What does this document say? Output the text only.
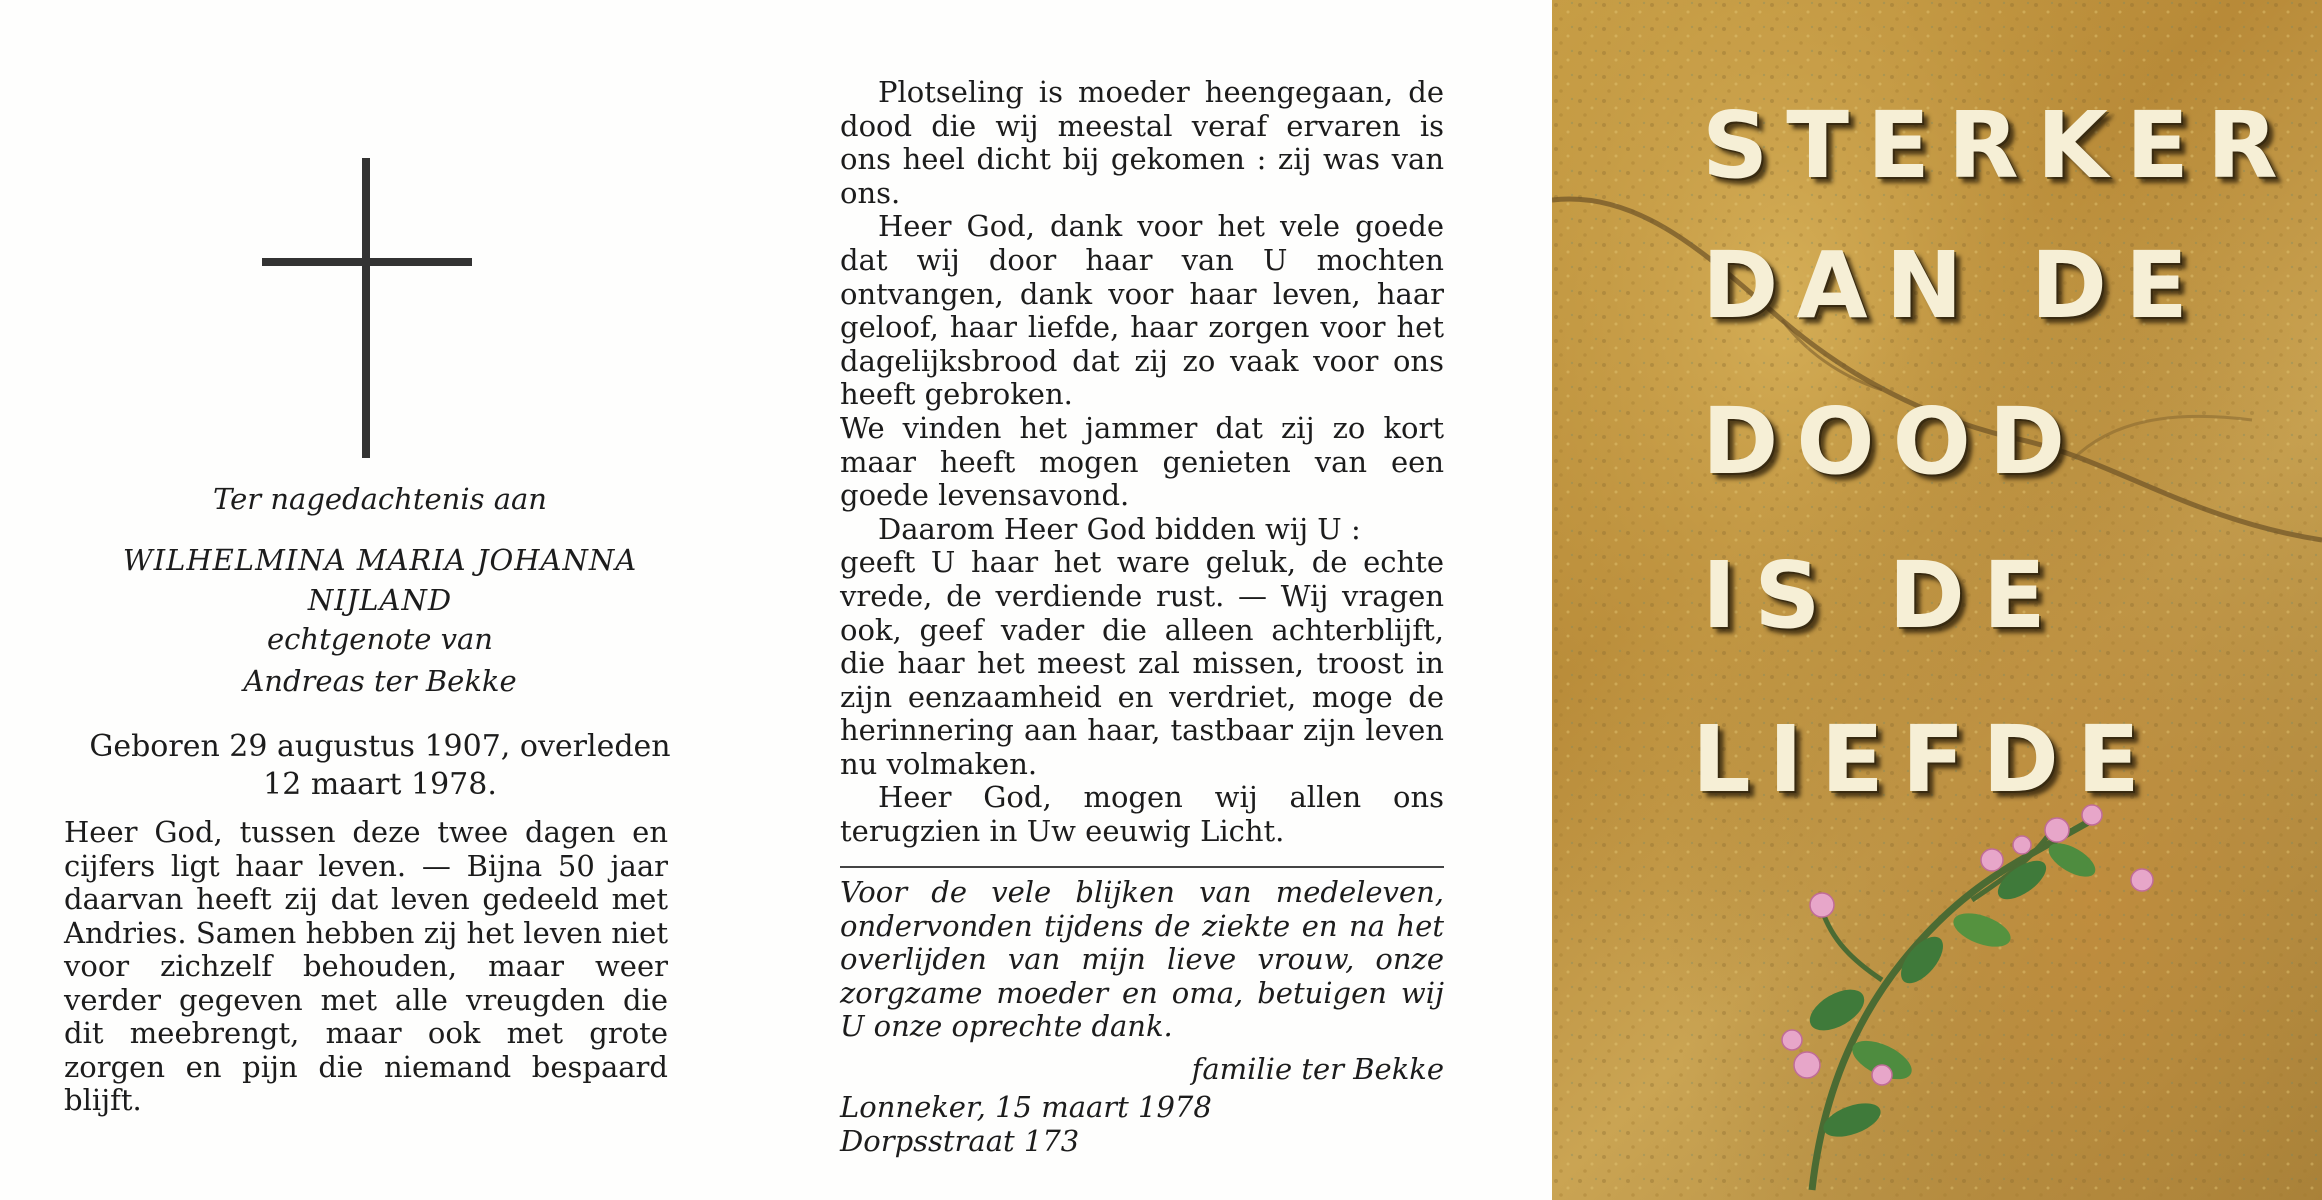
Ter nagedachtenis aan
WILHELMINA MARIA JOHANNA
NIJLAND
echtgenote van
Andreas ter Bekke
Geboren 29 augustus 1907, overleden
12 maart 1978.
Heer God, tussen deze twee dagen en cijfers ligt haar leven. — Bijna 50 jaar daarvan heeft zij dat leven gedeeld met Andries. Samen hebben zij het leven niet voor zichzelf behouden, maar weer verder gegeven met alle vreugden die dit meebrengt, maar ook met grote zorgen en pijn die niemand bespaard blijft.

Plotseling is moeder heengegaan, de dood die wij meestal veraf ervaren is ons heel dicht bij gekomen : zij was van ons.

Heer God, dank voor het vele goede dat wij door haar van U mochten ontvangen, dank voor haar leven, haar geloof, haar liefde, haar zorgen voor het dagelijksbrood dat zij zo vaak voor ons heeft gebroken.

We vinden het jammer dat zij zo kort maar heeft mogen genieten van een goede levensavond.

Daarom Heer God bidden wij U :

geeft U haar het ware geluk, de echte vrede, de verdiende rust. — Wij vragen ook, geef vader die alleen achterblijft, die haar het meest zal missen, troost in zijn eenzaamheid en verdriet, moge de herinnering aan haar, tastbaar zijn leven nu volmaken.

Heer God, mogen wij allen ons terugzien in Uw eeuwig Licht.

Voor de vele blijken van medeleven, ondervonden tijdens de ziekte en na het overlijden van mijn lieve vrouw, onze zorgzame moeder en oma, betuigen wij U onze oprechte dank.
familie ter Bekke
Lonneker, 15 maart 1978
Dorpsstraat 173
STERKER
DAN DE
DOOD
IS DE
LIEFDE
